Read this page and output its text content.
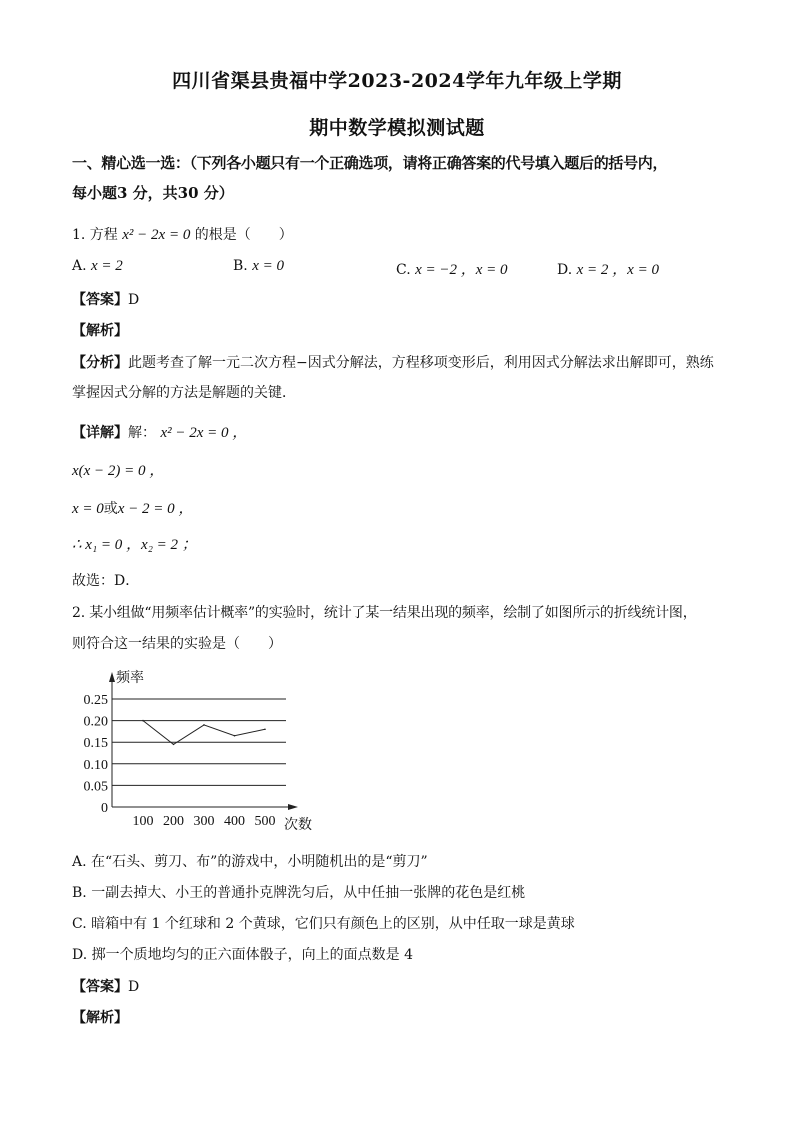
四川省渠县贵福中学2023-2024学年九年级上学期
期中数学模拟测试题
一、精心选一选：（下列各小题只有一个正确选项，请将正确答案的代号填入题后的括号内，
每小题3 分，共30 分）
1. 方程 x² − 2x = 0 的根是（　　）
A. x = 2	B. x = 0	C. x = −2 ，x = 0	D. x = 2 ，x = 0
【答案】D
【解析】
【分析】此题考查了解一元二次方程−因式分解法，方程移项变形后，利用因式分解法求出解即可，熟练
掌握因式分解的方法是解题的关键．
【详解】解： x² − 2x = 0 ，
x(x − 2) = 0 ，
x = 0或x − 2 = 0 ，
∴ x₁ = 0 ，x₂ = 2 ；
故选：D．
2. 某小组做“用频率估计概率”的实验时，统计了某一结果出现的频率，绘制了如图所示的折线统计图，
则符合这一结果的实验是（　　）
0
0.05
0.10
0.15
0.20
0.25
频率
100 200 300 400 500 次数
A. 在“石头、剪刀、布”的游戏中，小明随机出的是“剪刀”
B. 一副去掉大、小王的普通扑克牌洗匀后，从中任抽一张牌的花色是红桃
C. 暗箱中有 1 个红球和 2 个黄球，它们只有颜色上的区别，从中任取一球是黄球
D. 掷一个质地均匀的正六面体骰子，向上的面点数是 4
【答案】D
【解析】
